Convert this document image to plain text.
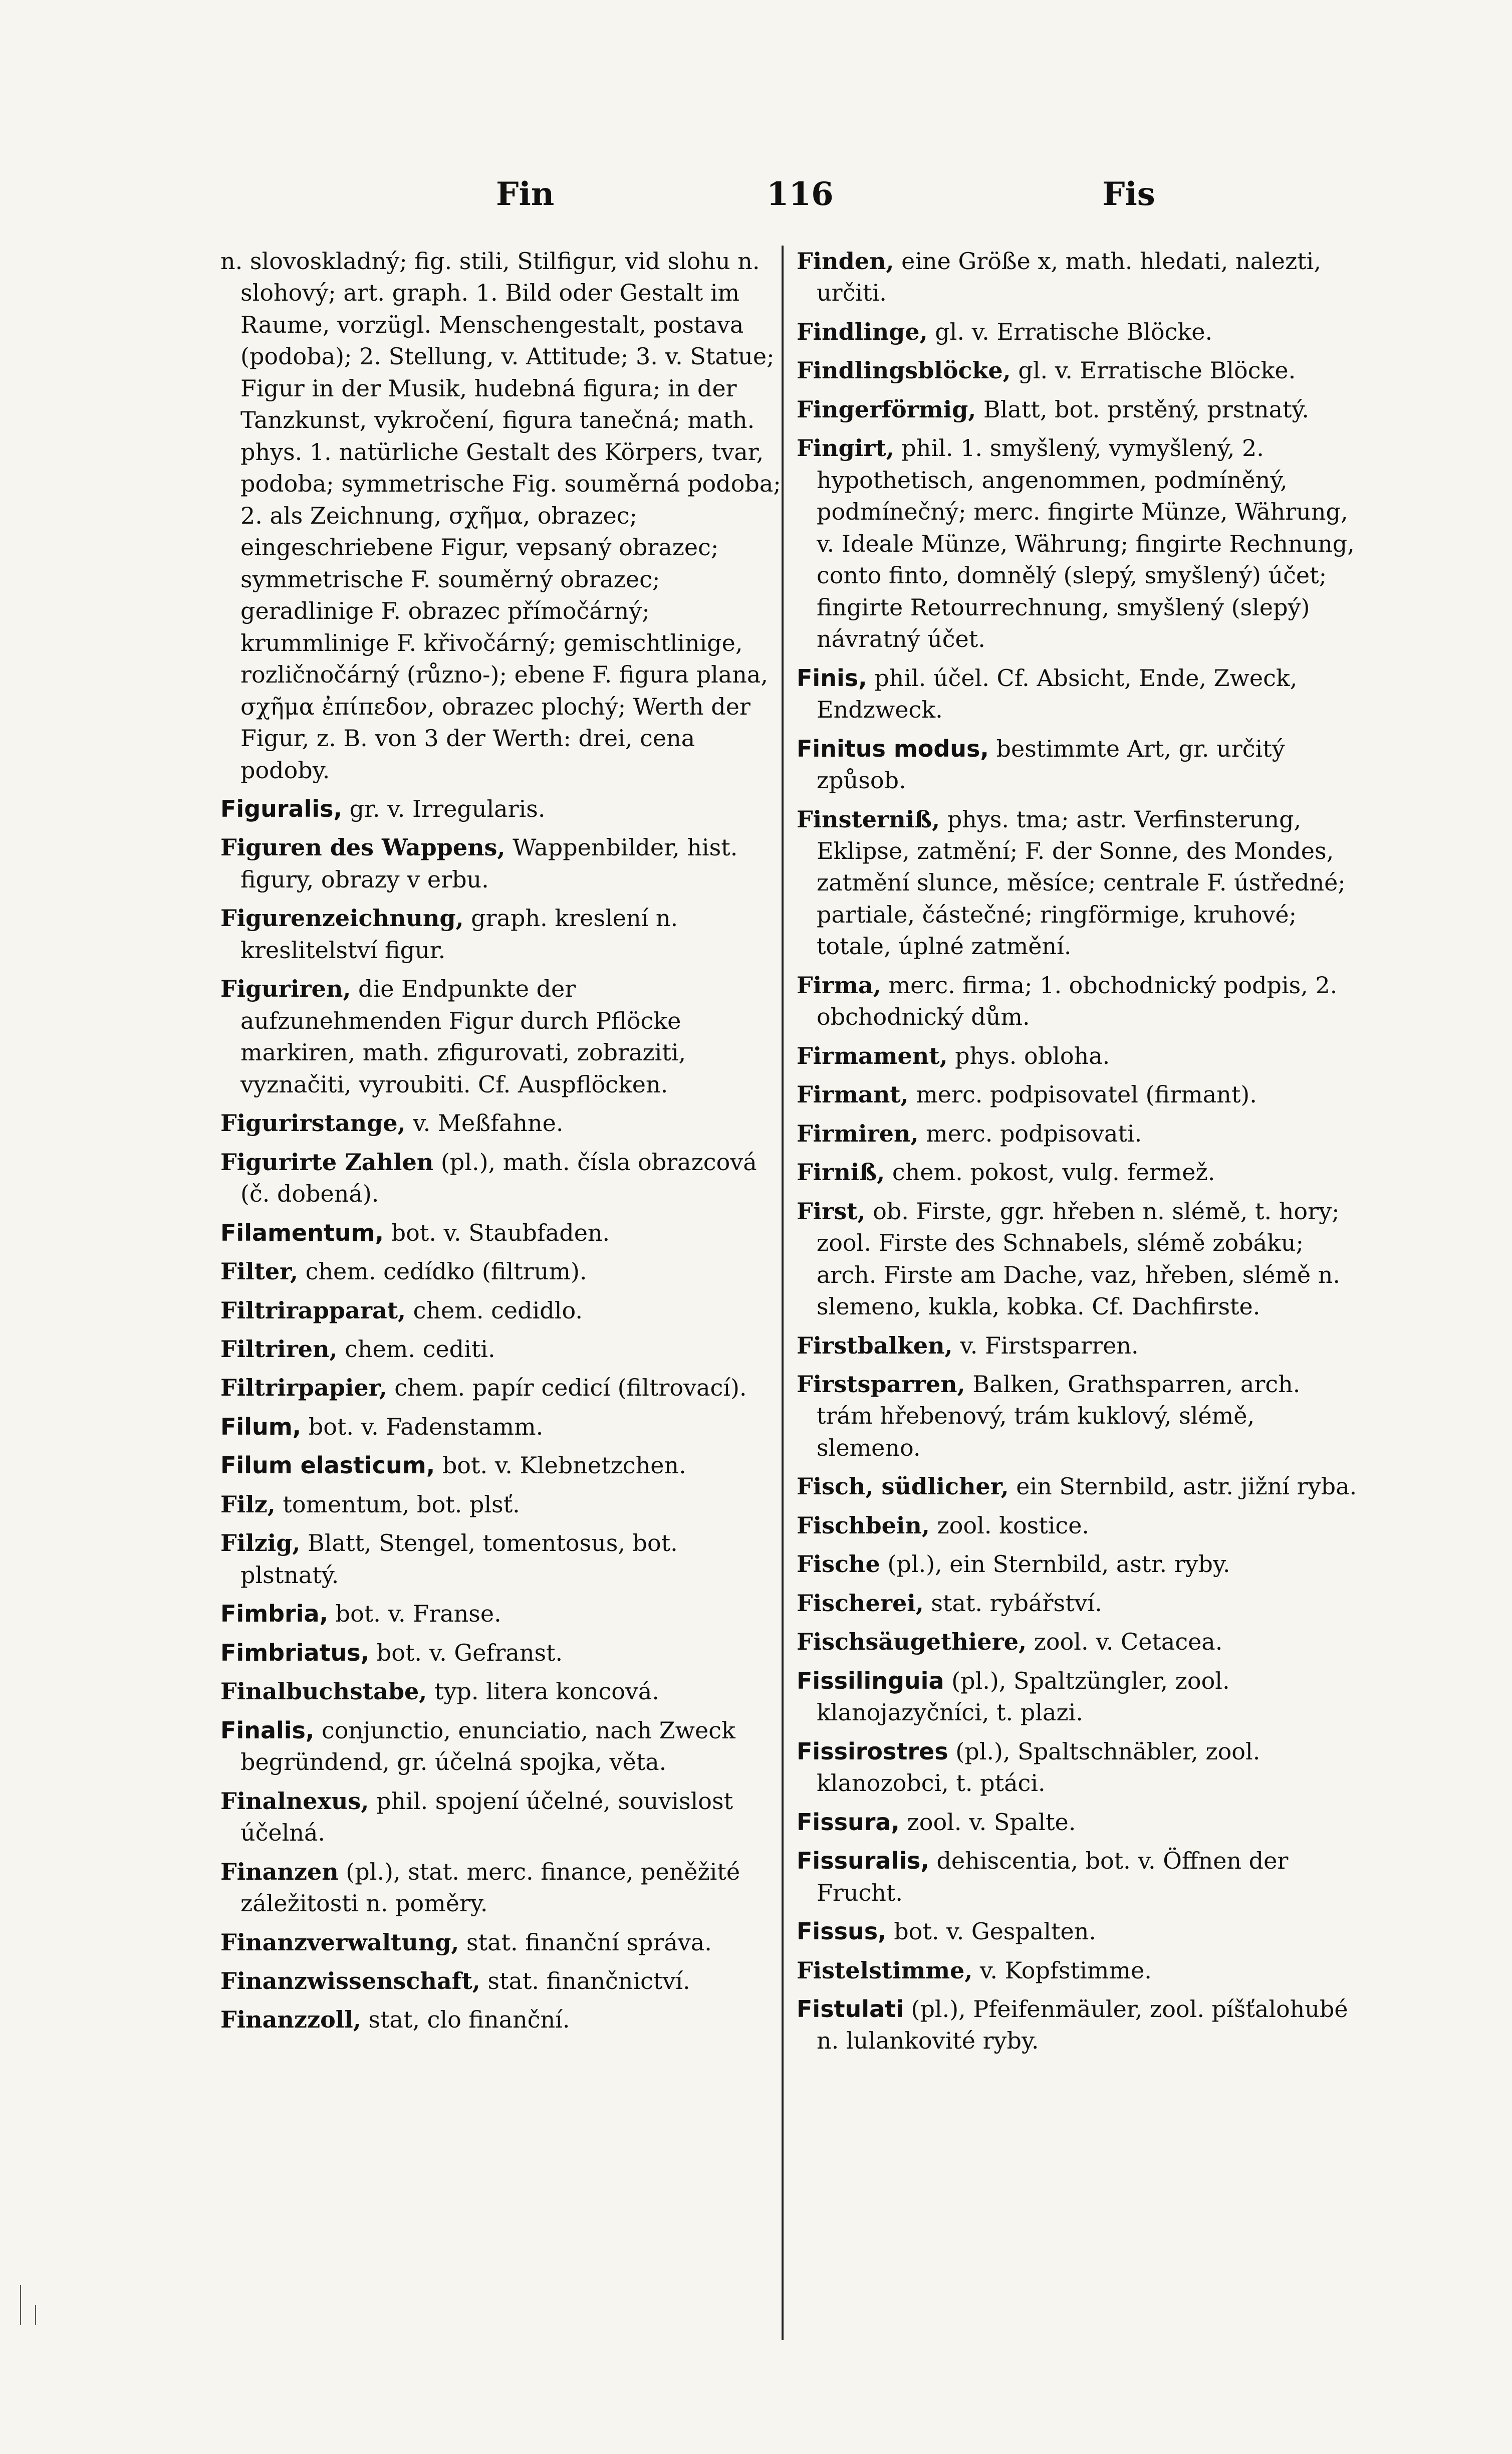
Fin	116	Fis
n. slovoskladný; fig. stili, Stilfigur, vid slohu n. slohový; art. graph. 1. Bild oder Gestalt im Raume, vorzügl. Menschengestalt, postava (podoba); 2. Stellung, v. Attitude; 3. v. Statue; Figur in der Musik, hudebná figura; in der Tanzkunst, vykročení, figura tanečná; math. phys. 1. natürliche Gestalt des Körpers, tvar, podoba; symmetrische Fig. souměrná podoba; 2. als Zeichnung, σχῆμα, obrazec; eingeschriebene Figur, vepsaný obrazec; symmetrische F. souměrný obrazec; geradlinige F. obrazec přímočárný; krummlinige F. křivočárný; gemischtlinige, rozličnočárný (různo-); ebene F. figura plana, σχῆμα ἐπίπεδον, obrazec plochý; Werth der Figur, z. B. von 3 der Werth: drei, cena podoby.
Figuralis, gr. v. Irregularis.
Figuren des Wappens, Wappenbilder, hist. figury, obrazy v erbu.
Figurenzeichnung, graph. kreslení n. kreslitelství figur.
Figuriren, die Endpunkte der aufzunehmenden Figur durch Pflöcke markiren, math. zfigurovati, zobraziti, vyznačiti, vyroubiti. Cf. Auspflöcken.
Figurirstange, v. Meßfahne.
Figurirte Zahlen (pl.), math. čísla obrazcová (č. dobená).
Filamentum, bot. v. Staubfaden.
Filter, chem. cedídko (filtrum).
Filtrirapparat, chem. cedidlo.
Filtriren, chem. cediti.
Filtrirpapier, chem. papír cedicí (filtrovací).
Filum, bot. v. Fadenstamm.
Filum elasticum, bot. v. Klebnetzchen.
Filz, tomentum, bot. plsť.
Filzig, Blatt, Stengel, tomentosus, bot. plstnatý.
Fimbria, bot. v. Franse.
Fimbriatus, bot. v. Gefranst.
Finalbuchstabe, typ. litera koncová.
Finalis, conjunctio, enunciatio, nach Zweck begründend, gr. účelná spojka, věta.
Finalnexus, phil. spojení účelné, souvislost účelná.
Finanzen (pl.), stat. merc. finance, peněžité záležitosti n. poměry.
Finanzverwaltung, stat. finanční správa.
Finanzwissenschaft, stat. finančnictví.
Finanzzoll, stat, clo finanční.
Finden, eine Größe x, math. hledati, nalezti, určiti.
Findlinge, gl. v. Erratische Blöcke.
Findlingsblöcke, gl. v. Erratische Blöcke.
Fingerförmig, Blatt, bot. prstěný, prstnatý.
Fingirt, phil. 1. smyšlený, vymyšlený, 2. hypothetisch, angenommen, podmíněný, podmínečný; merc. fingirte Münze, Währung, v. Ideale Münze, Währung; fingirte Rechnung, conto finto, domnělý (slepý, smyšlený) účet; fingirte Retourrechnung, smyšlený (slepý) návratný účet.
Finis, phil. účel. Cf. Absicht, Ende, Zweck, Endzweck.
Finitus modus, bestimmte Art, gr. určitý způsob.
Finsterniß, phys. tma; astr. Verfinsterung, Eklipse, zatmění; F. der Sonne, des Mondes, zatmění slunce, měsíce; centrale F. ústředné; partiale, částečné; ringförmige, kruhové; totale, úplné zatmění.
Firma, merc. firma; 1. obchodnický podpis, 2. obchodnický dům.
Firmament, phys. obloha.
Firmant, merc. podpisovatel (firmant).
Firmiren, merc. podpisovati.
Firniß, chem. pokost, vulg. fermež.
First, ob. Firste, ggr. hřeben n. slémě, t. hory; zool. Firste des Schnabels, slémě zobáku; arch. Firste am Dache, vaz, hřeben, slémě n. slemeno, kukla, kobka. Cf. Dachfirste.
Firstbalken, v. Firstsparren.
Firstsparren, Balken, Grathsparren, arch. trám hřebenový, trám kuklový, slémě, slemeno.
Fisch, südlicher, ein Sternbild, astr. jižní ryba.
Fischbein, zool. kostice.
Fische (pl.), ein Sternbild, astr. ryby.
Fischerei, stat. rybářství.
Fischsäugethiere, zool. v. Cetacea.
Fissilinguia (pl.), Spaltzüngler, zool. klanojazyčníci, t. plazi.
Fissirostres (pl.), Spaltschnäbler, zool. klanozobci, t. ptáci.
Fissura, zool. v. Spalte.
Fissuralis, dehiscentia, bot. v. Öffnen der Frucht.
Fissus, bot. v. Gespalten.
Fistelstimme, v. Kopfstimme.
Fistulati (pl.), Pfeifenmäuler, zool. píšťalohubé n. lulankovité ryby.
